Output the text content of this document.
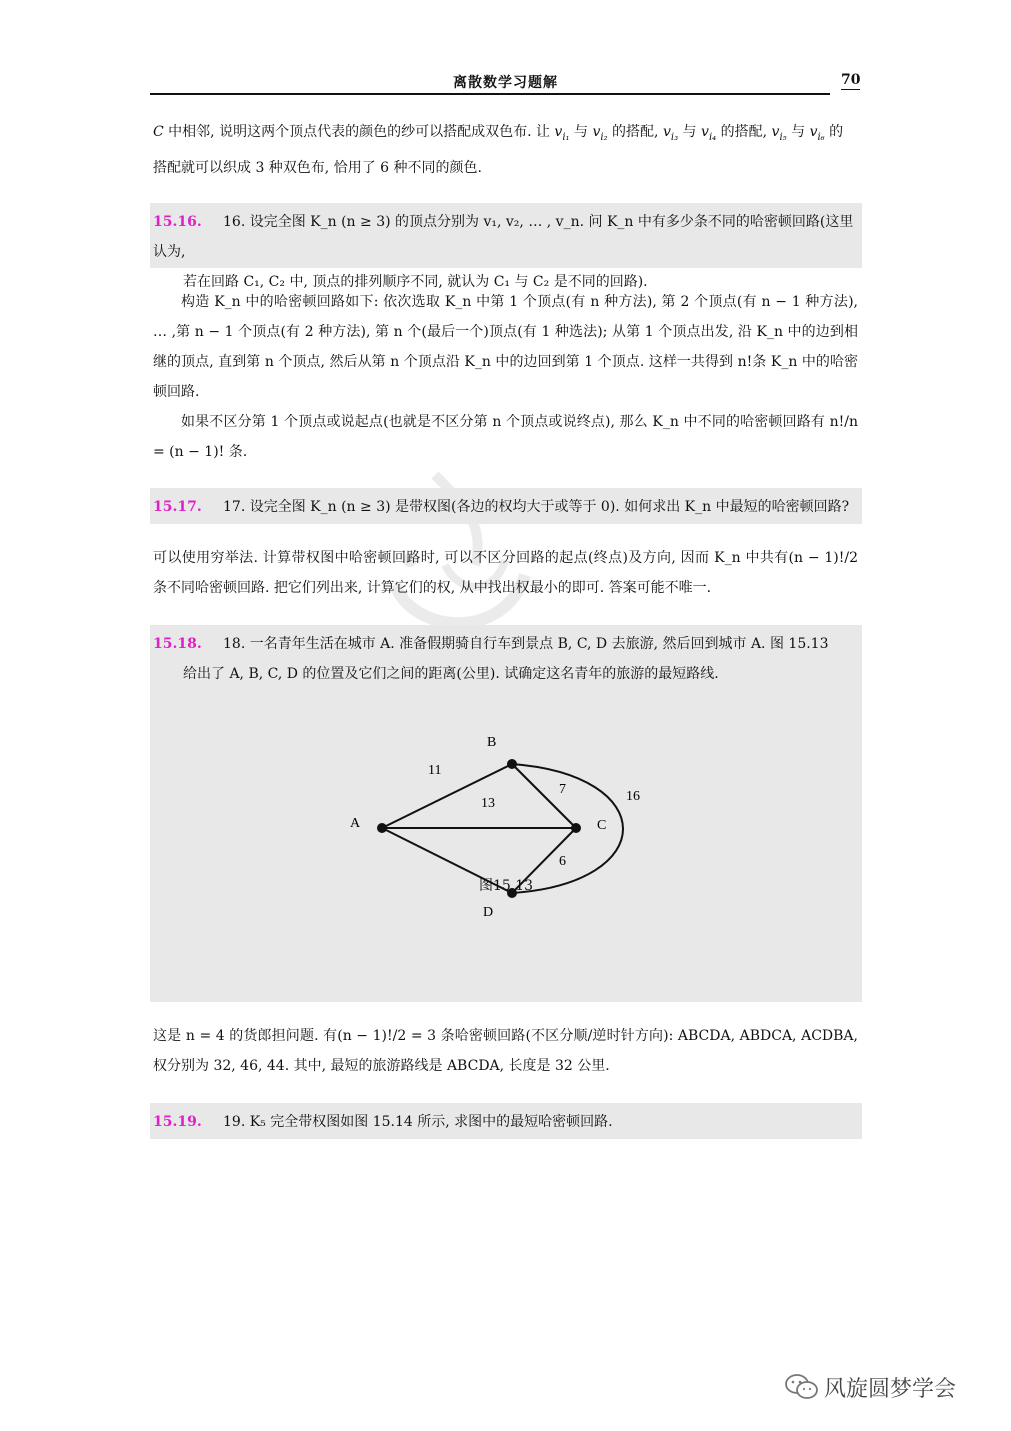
离散数学习题解	70
C 中相邻, 说明这两个顶点代表的颜色的纱可以搭配成双色布. 让 $v_{i_1}$ 与 $v_{i_2}$ 的搭配, $v_{i_3}$ 与 $v_{i_4}$ 的搭配, $v_{i_5}$ 与 $v_{i_6}$ 的
搭配就可以织成 3 种双色布, 恰用了 6 种不同的颜色.
15.16. 16. 设完全图 K_n (n ≥ 3) 的顶点分别为 v₁, v₂, … , v_n. 问 K_n 中有多少条不同的哈密顿回路(这里认为,
若在回路 C₁, C₂ 中, 顶点的排列顺序不同, 就认为 C₁ 与 C₂ 是不同的回路).
构造 K_n 中的哈密顿回路如下: 依次选取 K_n 中第 1 个顶点(有 n 种方法), 第 2 个顶点(有 n − 1 种方法), … ,第 n − 1 个顶点(有 2 种方法), 第 n 个(最后一个)顶点(有 1 种选法); 从第 1 个顶点出发, 沿 K_n 中的边到相继的顶点, 直到第 n 个顶点, 然后从第 n 个顶点沿 K_n 中的边回到第 1 个顶点. 这样一共得到 n!条 K_n 中的哈密顿回路.
如果不区分第 1 个顶点或说起点(也就是不区分第 n 个顶点或说终点), 那么 K_n 中不同的哈密顿回路有 n!/n = (n − 1)! 条.
15.17. 17. 设完全图 K_n (n ≥ 3) 是带权图(各边的权均大于或等于 0). 如何求出 K_n 中最短的哈密顿回路?
可以使用穷举法. 计算带权图中哈密顿回路时, 可以不区分回路的起点(终点)及方向, 因而 K_n 中共有(n − 1)!/2 条不同哈密顿回路. 把它们列出来, 计算它们的权, 从中找出权最小的即可. 答案可能不唯一.
15.18. 18. 一名青年生活在城市 A. 准备假期骑自行车到景点 B, C, D 去旅游, 然后回到城市 A. 图 15.13
给出了 A, B, C, D 的位置及它们之间的距离(公里). 试确定这名青年的旅游的最短路线.
A
B
C
D
11
13
7	16
6
图15.13
这是 n = 4 的货郎担问题. 有(n − 1)!/2 = 3 条哈密顿回路(不区分顺/逆时针方向): ABCDA, ABDCA, ACDBA, 权分别为 32, 46, 44. 其中, 最短的旅游路线是 ABCDA, 长度是 32 公里.
15.19. 19. K₅ 完全带权图如图 15.14 所示, 求图中的最短哈密顿回路.
风旋圆梦学会
